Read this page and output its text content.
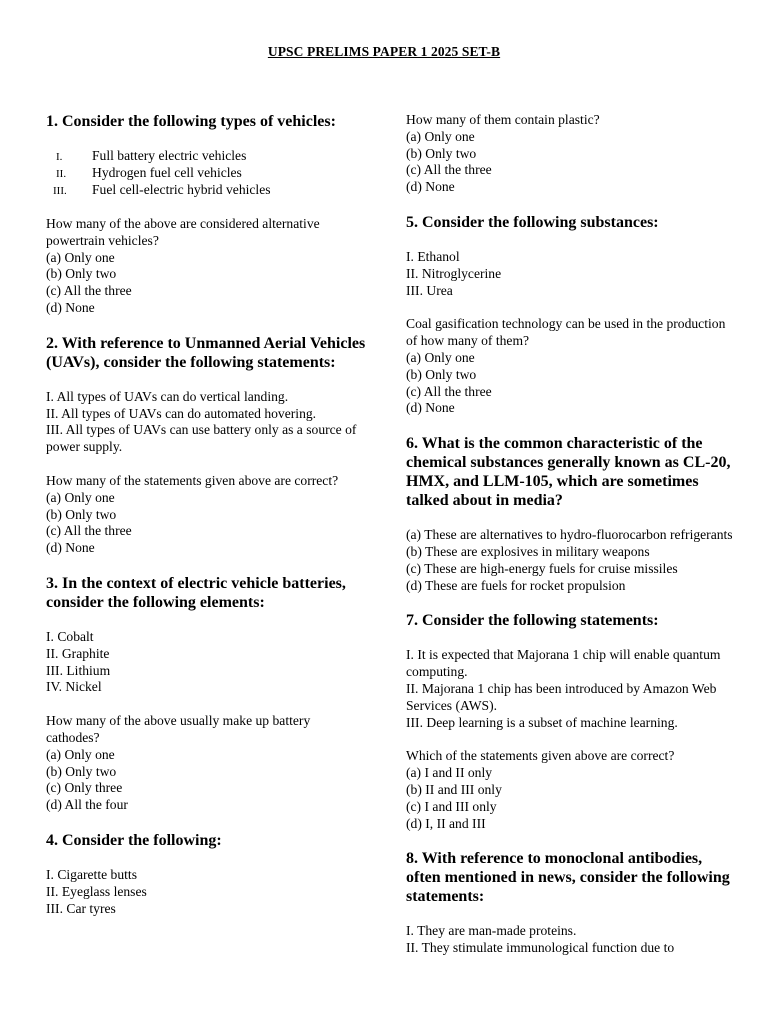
UPSC PRELIMS PAPER 1 2025 SET-B

1. Consider the following types of vehicles:

I. Full battery electric vehicles
II. Hydrogen fuel cell vehicles
III. Fuel cell-electric hybrid vehicles

How many of the above are considered alternative powertrain vehicles?

(a) Only one

(b) Only two

(c) All the three

(d) None

2. With reference to Unmanned Aerial Vehicles (UAVs), consider the following statements:

I. All types of UAVs can do vertical landing.

II. All types of UAVs can do automated hovering.

III. All types of UAVs can use battery only as a source of power supply.

How many of the statements given above are correct?

(a) Only one

(b) Only two

(c) All the three

(d) None

3. In the context of electric vehicle batteries, consider the following elements:

I. Cobalt

II. Graphite

III. Lithium

IV. Nickel

How many of the above usually make up battery cathodes?

(a) Only one

(b) Only two

(c) Only three

(d) All the four

4. Consider the following:

I. Cigarette butts

II. Eyeglass lenses

III. Car tyres

How many of them contain plastic?

(a) Only one

(b) Only two

(c) All the three

(d) None

5. Consider the following substances:

I. Ethanol

II. Nitroglycerine

III. Urea

Coal gasification technology can be used in the production of how many of them?

(a) Only one

(b) Only two

(c) All the three

(d) None

6. What is the common characteristic of the chemical substances generally known as CL-20, HMX, and LLM-105, which are sometimes talked about in media?

(a) These are alternatives to hydro-fluorocarbon refrigerants

(b) These are explosives in military weapons

(c) These are high-energy fuels for cruise missiles

(d) These are fuels for rocket propulsion

7. Consider the following statements:

I. It is expected that Majorana 1 chip will enable quantum computing.

II. Majorana 1 chip has been introduced by Amazon Web Services (AWS).

III. Deep learning is a subset of machine learning.

Which of the statements given above are correct?

(a) I and II only

(b) II and III only

(c) I and III only

(d) I, II and III

8. With reference to monoclonal antibodies, often mentioned in news, consider the following statements:

I. They are man-made proteins.

II. They stimulate immunological function due to
